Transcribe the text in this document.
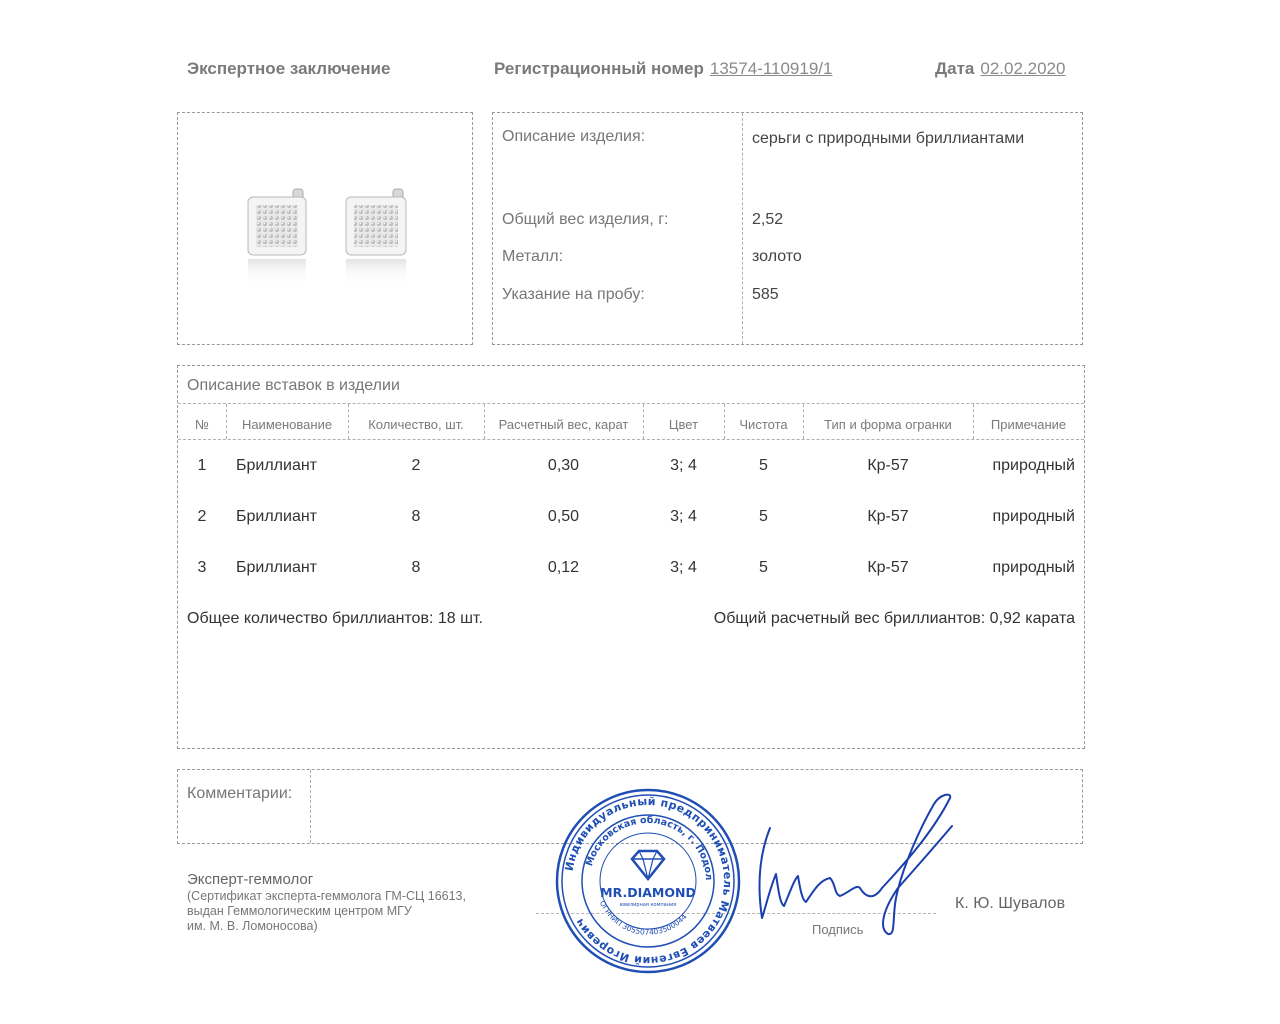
Экспертное заключение	Регистрационный номер 13574-110919/1	Дата 02.02.2020
Описание изделия:	серьги с природными бриллиантами
Общий вес изделия, г:	2,52
Металл:	золото
Указание на пробу:	585
Описание вставок в изделии
№	Наименование	Количество, шт.	Расчетный вес, карат	Цвет	Чистота	Тип и форма огранки	Примечание
1	Бриллиант	2	0,30	3; 4	5	Кр-57	природный
2	Бриллиант	8	0,50	3; 4	5	Кр-57	природный
3	Бриллиант	8	0,12	3; 4	5	Кр-57	природный
Общее количество бриллиантов: 18 шт.	Общий расчетный вес бриллиантов: 0,92 карата
Комментарии:
Эксперт-геммолог
(Сертификат эксперта-геммолога ГМ-СЦ 16613,
выдан Геммологическим центром МГУ
им. М. В. Ломоносова)	Подпись
К. Ю. Шувалов
Индивидуальный предприниматель Матвеев Евгений Игоревич
Московская область, г. Подол
MR.DIAMOND
ювелирная компания
ОГРНИП 305507403500044
